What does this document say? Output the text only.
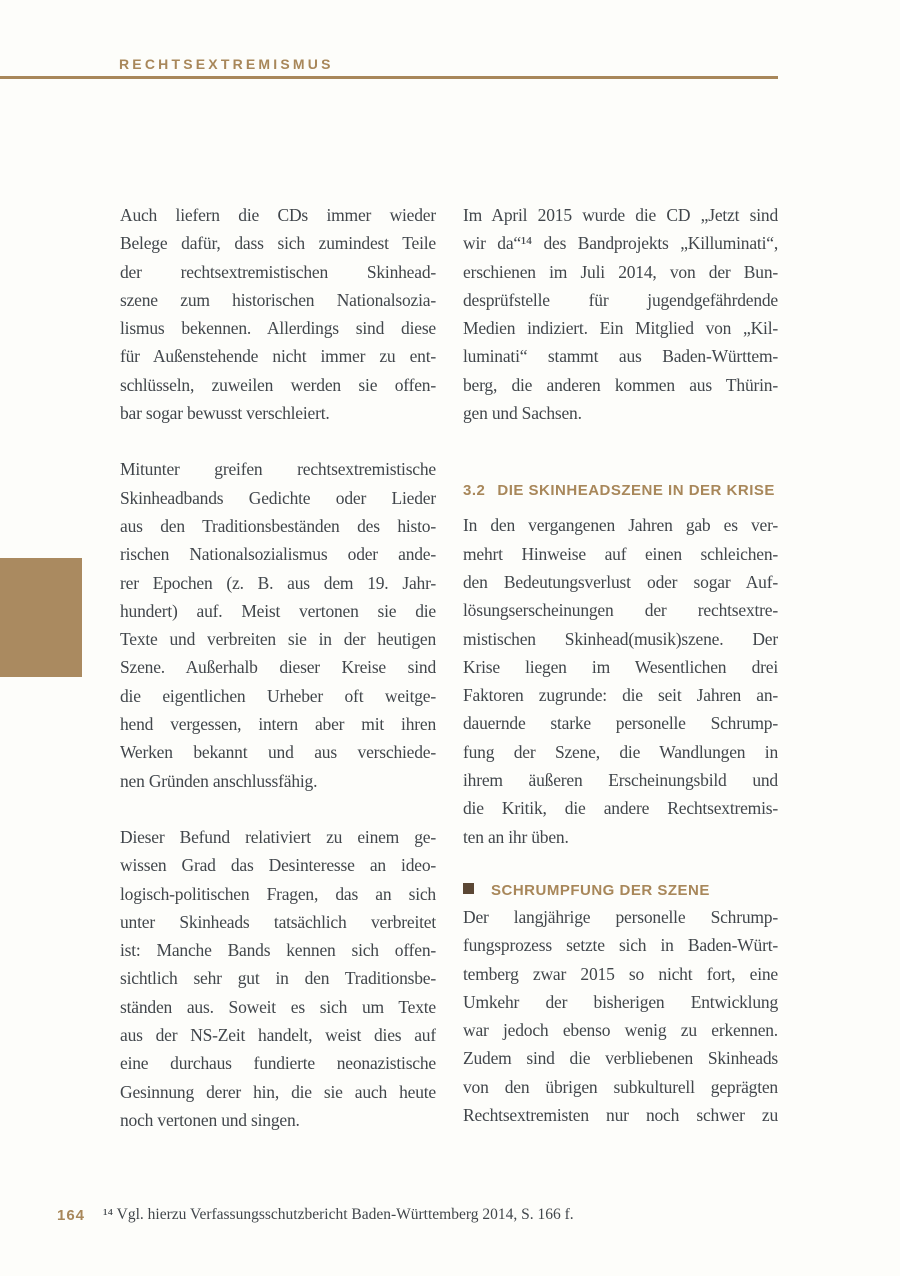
RECHTSEXTREMISMUS
Auch liefern die CDs immer wieder
Belege dafür, dass sich zumindest Teile
der rechtsextremistischen Skinhead-
szene zum historischen Nationalsozia-
lismus bekennen. Allerdings sind diese
für Außenstehende nicht immer zu ent-
schlüsseln, zuweilen werden sie offen-
bar sogar bewusst verschleiert.
Mitunter greifen rechtsextremistische
Skinheadbands Gedichte oder Lieder
aus den Traditionsbeständen des histo-
rischen Nationalsozialismus oder ande-
rer Epochen (z. B. aus dem 19. Jahr-
hundert) auf. Meist vertonen sie die
Texte und verbreiten sie in der heutigen
Szene. Außerhalb dieser Kreise sind
die eigentlichen Urheber oft weitge-
hend vergessen, intern aber mit ihren
Werken bekannt und aus verschiede-
nen Gründen anschlussfähig.
Dieser Befund relativiert zu einem ge-
wissen Grad das Desinteresse an ideo-
logisch-politischen Fragen, das an sich
unter Skinheads tatsächlich verbreitet
ist: Manche Bands kennen sich offen-
sichtlich sehr gut in den Traditionsbe-
ständen aus. Soweit es sich um Texte
aus der NS-Zeit handelt, weist dies auf
eine durchaus fundierte neonazistische
Gesinnung derer hin, die sie auch heute
noch vertonen und singen.
Im April 2015 wurde die CD „Jetzt sind
wir da“¹⁴ des Bandprojekts „Killuminati“,
erschienen im Juli 2014, von der Bun-
desprüfstelle für jugendgefährdende
Medien indiziert. Ein Mitglied von „Kil-
luminati“ stammt aus Baden-Württem-
berg, die anderen kommen aus Thürin-
gen und Sachsen.
3.2 DIE SKINHEADSZENE IN DER KRISE
In den vergangenen Jahren gab es ver-
mehrt Hinweise auf einen schleichen-
den Bedeutungsverlust oder sogar Auf-
lösungserscheinungen der rechtsextre-
mistischen Skinhead(musik)szene. Der
Krise liegen im Wesentlichen drei
Faktoren zugrunde: die seit Jahren an-
dauernde starke personelle Schrump-
fung der Szene, die Wandlungen in
ihrem äußeren Erscheinungsbild und
die Kritik, die andere Rechtsextremis-
ten an ihr üben.
SCHRUMPFUNG DER SZENE
Der langjährige personelle Schrump-
fungsprozess setzte sich in Baden-Würt-
temberg zwar 2015 so nicht fort, eine
Umkehr der bisherigen Entwicklung
war jedoch ebenso wenig zu erkennen.
Zudem sind die verbliebenen Skinheads
von den übrigen subkulturell geprägten
Rechtsextremisten nur noch schwer zu
164 ¹⁴ Vgl. hierzu Verfassungsschutzbericht Baden-Württemberg 2014, S. 166 f.
